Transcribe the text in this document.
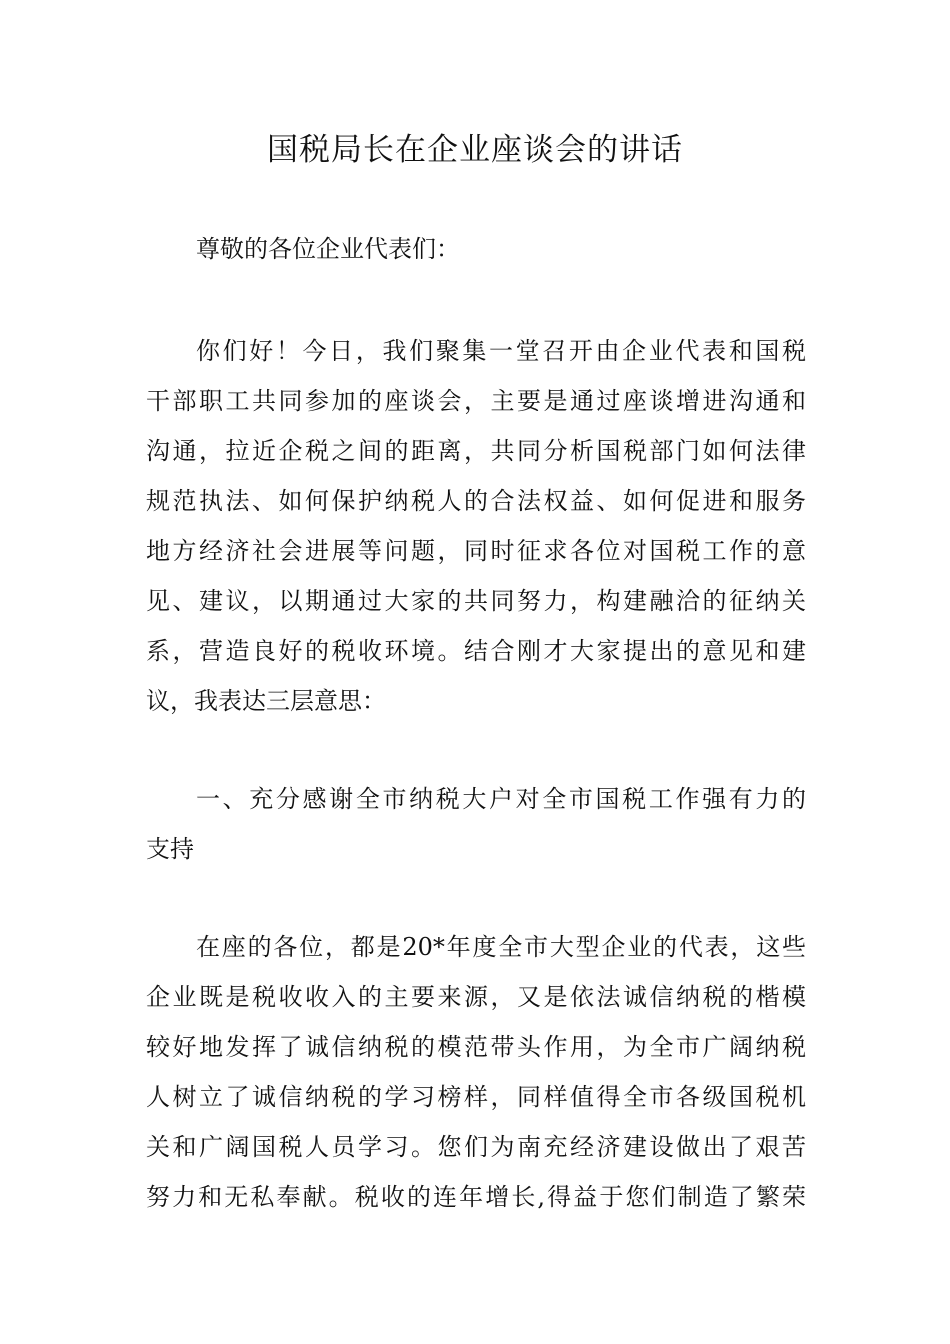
国税局长在企业座谈会的讲话

尊敬的各位企业代表们：

你们好！今日，我们聚集一堂召开由企业代表和国税

干部职工共同参加的座谈会，主要是通过座谈增进沟通和

沟通，拉近企税之间的距离，共同分析国税部门如何法律

规范执法、如何保护纳税人的合法权益、如何促进和服务

地方经济社会进展等问题，同时征求各位对国税工作的意

见、建议，以期通过大家的共同努力，构建融洽的征纳关

系，营造良好的税收环境。结合刚才大家提出的意见和建

议，我表达三层意思：

一、充分感谢全市纳税大户对全市国税工作强有力的

支持

在座的各位，都是20*年度全市大型企业的代表，这些

企业既是税收收入的主要来源，又是依法诚信纳税的楷模

较好地发挥了诚信纳税的模范带头作用，为全市广阔纳税

人树立了诚信纳税的学习榜样，同样值得全市各级国税机

关和广阔国税人员学习。您们为南充经济建设做出了艰苦

努力和无私奉献。税收的连年增长,得益于您们制造了繁荣
